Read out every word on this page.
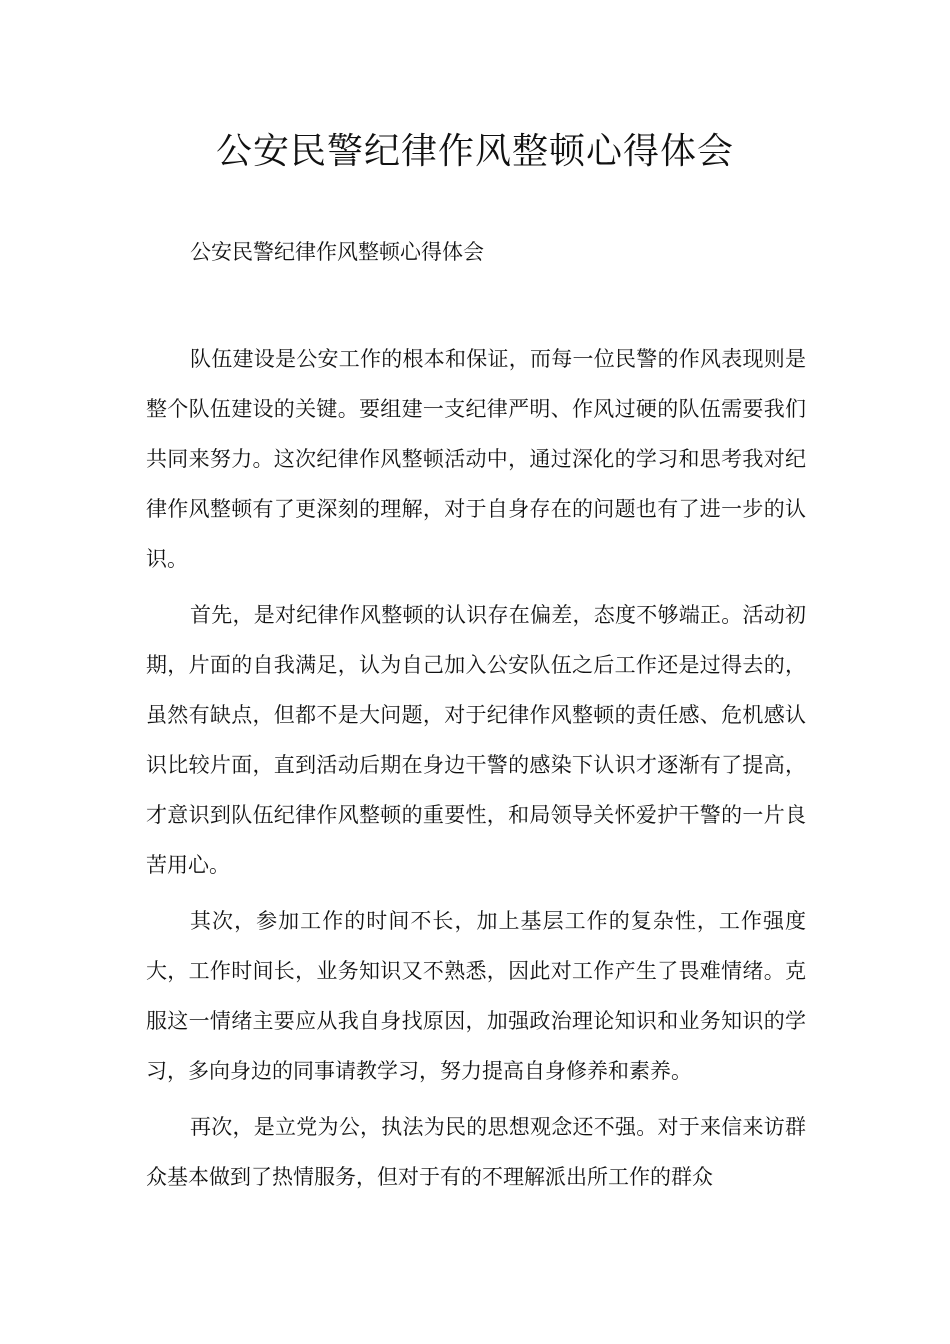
公安民警纪律作风整顿心得体会

公安民警纪律作风整顿心得体会

队伍建设是公安工作的根本和保证，而每一位民警的作风表现则是整个队伍建设的关键。要组建一支纪律严明、作风过硬的队伍需要我们共同来努力。这次纪律作风整顿活动中，通过深化的学习和思考我对纪律作风整顿有了更深刻的理解，对于自身存在的问题也有了进一步的认识。

首先，是对纪律作风整顿的认识存在偏差，态度不够端正。活动初期，片面的自我满足，认为自己加入公安队伍之后工作还是过得去的，虽然有缺点，但都不是大问题，对于纪律作风整顿的责任感、危机感认识比较片面，直到活动后期在身边干警的感染下认识才逐渐有了提高，才意识到队伍纪律作风整顿的重要性，和局领导关怀爱护干警的一片良苦用心。

其次，参加工作的时间不长，加上基层工作的复杂性，工作强度大，工作时间长，业务知识又不熟悉，因此对工作产生了畏难情绪。克服这一情绪主要应从我自身找原因，加强政治理论知识和业务知识的学习，多向身边的同事请教学习，努力提高自身修养和素养。

再次，是立党为公，执法为民的思想观念还不强。对于来信来访群众基本做到了热情服务，但对于有的不理解派出所工作的群众
